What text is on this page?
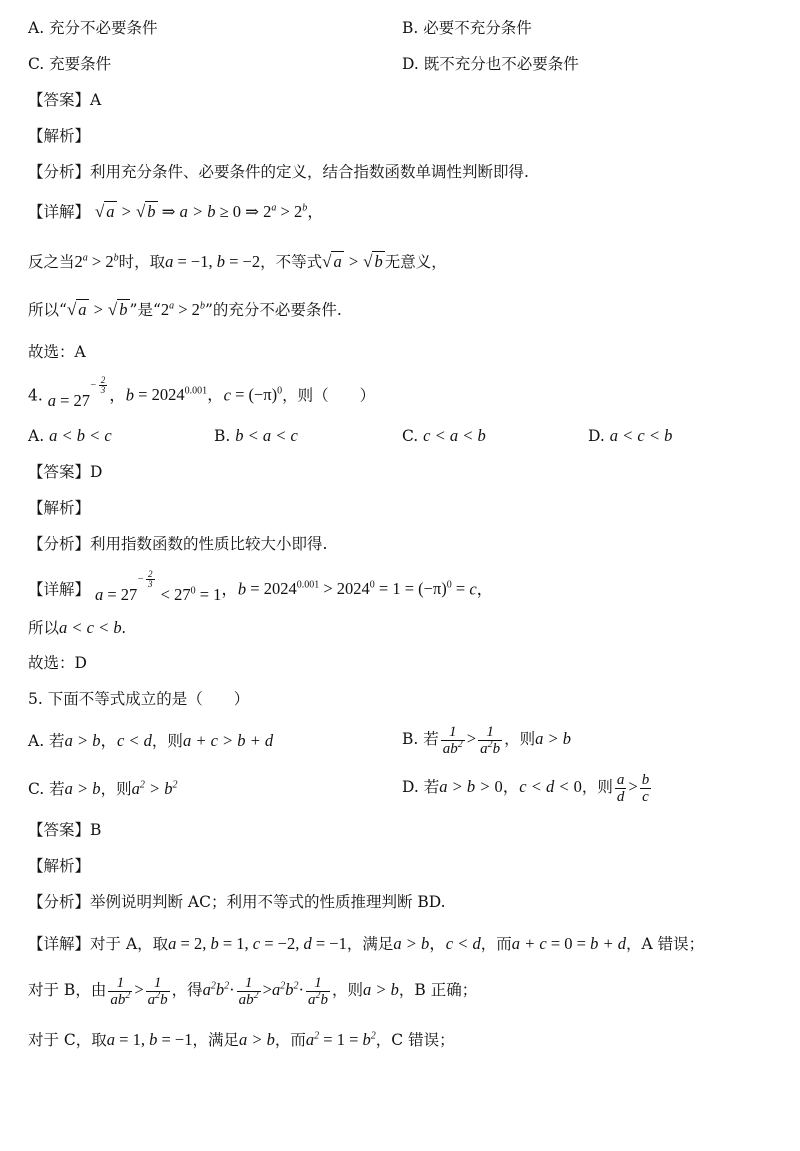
A. 充分不必要条件	B. 必要不充分条件
C. 充要条件	D. 既不充分也不必要条件
【答案】A
【解析】
【分析】利用充分条件、必要条件的定义，结合指数函数单调性判断即得.
【详解】 √ a > √ b ⇒ a > b ≥ 0 ⇒ $2^a > 2^b$，
反之当$2^a > 2^b$时，取a = −1, b = −2，不等式√ a > √ b 无意义，
所以“√ a > √ b ”是“$2^a > 2^b$”的充分不必要条件.
故选：A
4. $a = 27^{- \frac{2}{3}}$ ，$b = 2024^{0.001}$，$c = (-\pi)^0$，则（　　）
A. a < b < c	B. b < a < c	C. c < a < b	D. a < c < b
【答案】D
【解析】
【分析】利用指数函数的性质比较大小即得.
【详解】 $a = 27^{- \frac{2}{3}}$
< $27^0 = 1$，$b = 2024^{0.001} > 2024^0 = 1 = (-\pi)^0 = c$，
所以a < c < b.
故选：D
5. 下面不等式成立的是（　　）
A. 若a > b，c < d，则a + c > b + d	B. 若 $\frac{1}{ab^2} > \frac{1}{a^2b}$ ，则a > b
C. 若a > b，则$a^2 > b^2$	D. 若a > b > 0，c < d < 0，则 $\frac{a}{d} > \frac{b}{c}$
【答案】B
【解析】
【分析】举例说明判断 AC；利用不等式的性质推理判断 BD.
【详解】对于 A，取a = 2, b = 1, c = −2, d = −1，满足a > b，c < d，而a + c = 0 = b + d，A 错误；
对于 B，由 $\frac{1}{ab^2} > \frac{1}{a^2b}$ ，得$a^2b^2\cdot \frac{1}{ab^2} >a^2b^2\cdot \frac{1}{a^2b}$ ，则a > b，B 正确；
对于 C，取a = 1, b = −1，满足a > b，而$a^2 = 1 = b^2$，C 错误；
